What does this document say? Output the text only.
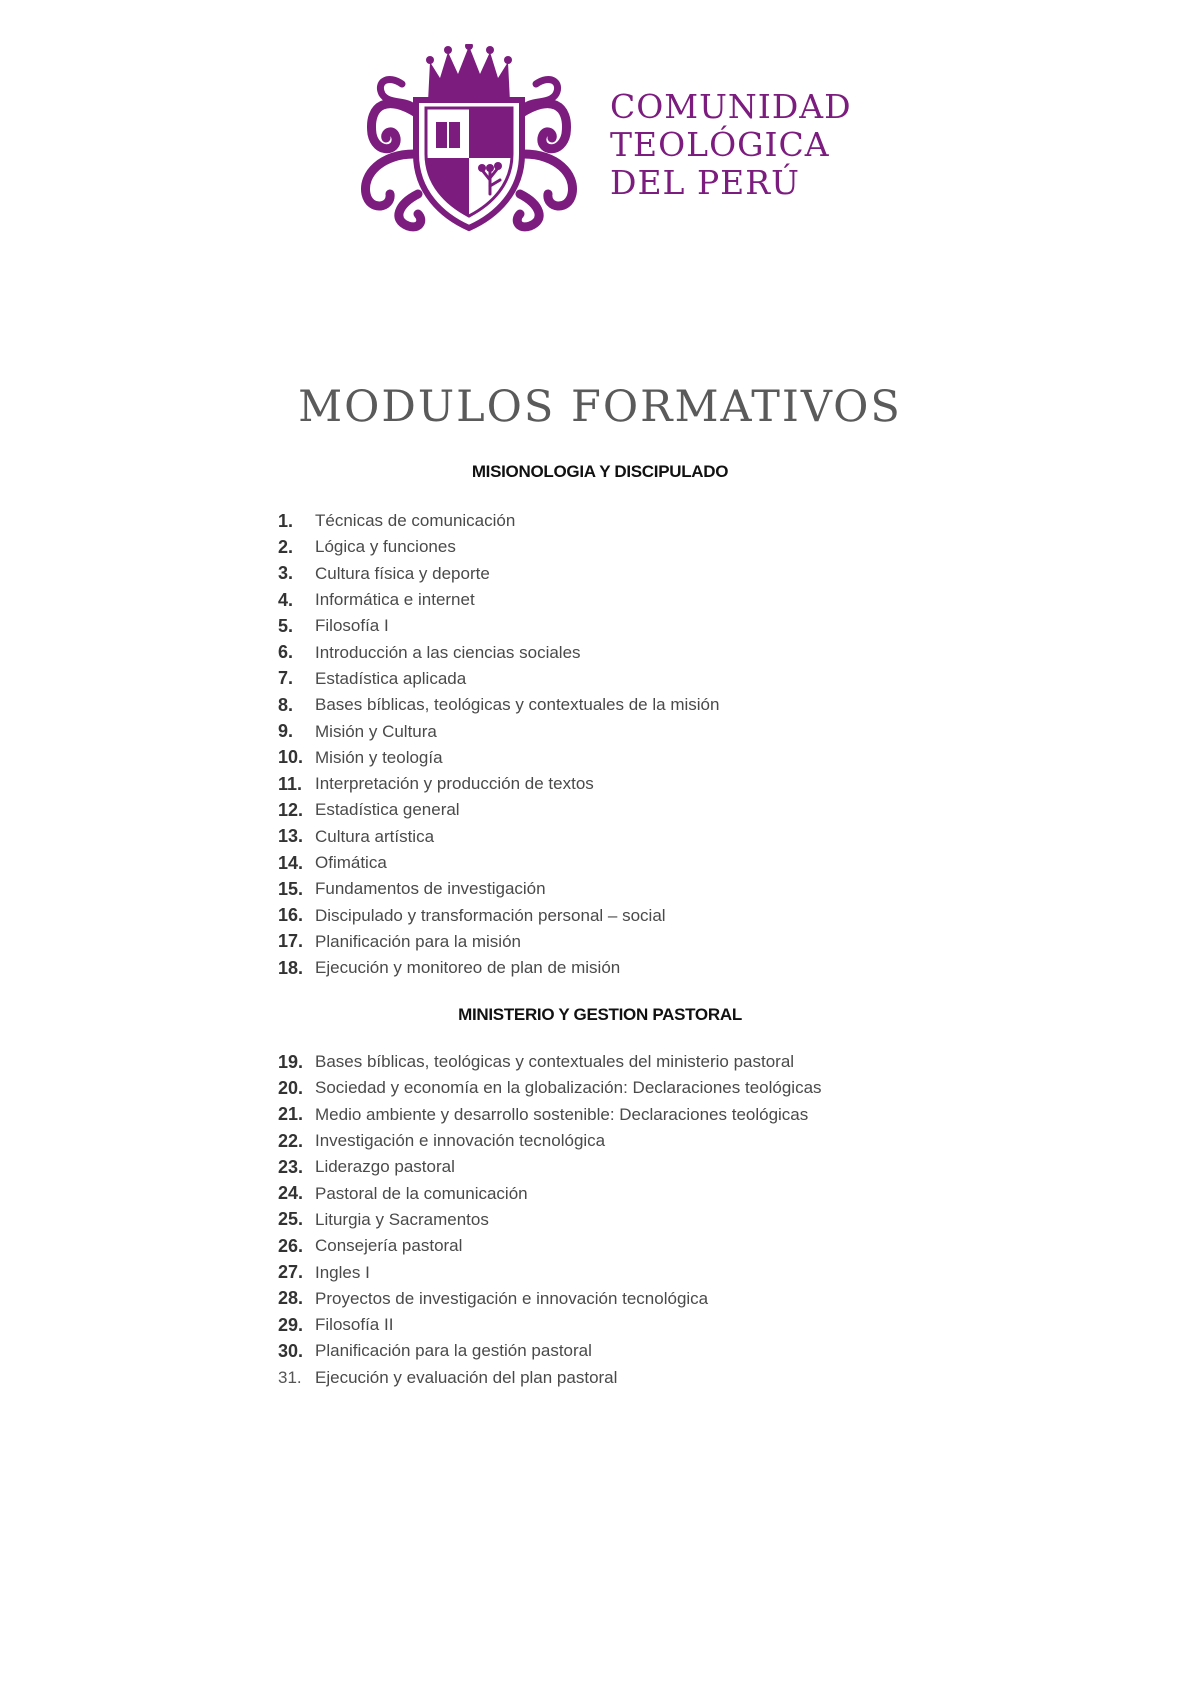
COMUNIDAD
TEOLÓGICA
DEL PERÚ
MODULOS FORMATIVOS
MISIONOLOGIA Y DISCIPULADO
1.	Técnicas de comunicación
2.	Lógica y funciones
3.	Cultura física y deporte
4.	Informática e internet
5.	Filosofía I
6.	Introducción a las ciencias sociales
7.	Estadística aplicada
8.	Bases bíblicas, teológicas y contextuales de la misión
9.	Misión y Cultura
10. Misión y teología
11. Interpretación y producción de textos
12. Estadística general
13. Cultura artística
14. Ofimática
15. Fundamentos de investigación
16. Discipulado y transformación personal – social
17. Planificación para la misión
18. Ejecución y monitoreo de plan de misión
MINISTERIO Y GESTION PASTORAL
19. Bases bíblicas, teológicas y contextuales del ministerio pastoral
20. Sociedad y economía en la globalización: Declaraciones teológicas
21. Medio ambiente y desarrollo sostenible: Declaraciones teológicas
22. Investigación e innovación tecnológica
23. Liderazgo pastoral
24. Pastoral de la comunicación
25. Liturgia y Sacramentos
26. Consejería pastoral
27. Ingles I
28. Proyectos de investigación e innovación tecnológica
29. Filosofía II
30. Planificación para la gestión pastoral
31. Ejecución y evaluación del plan pastoral
